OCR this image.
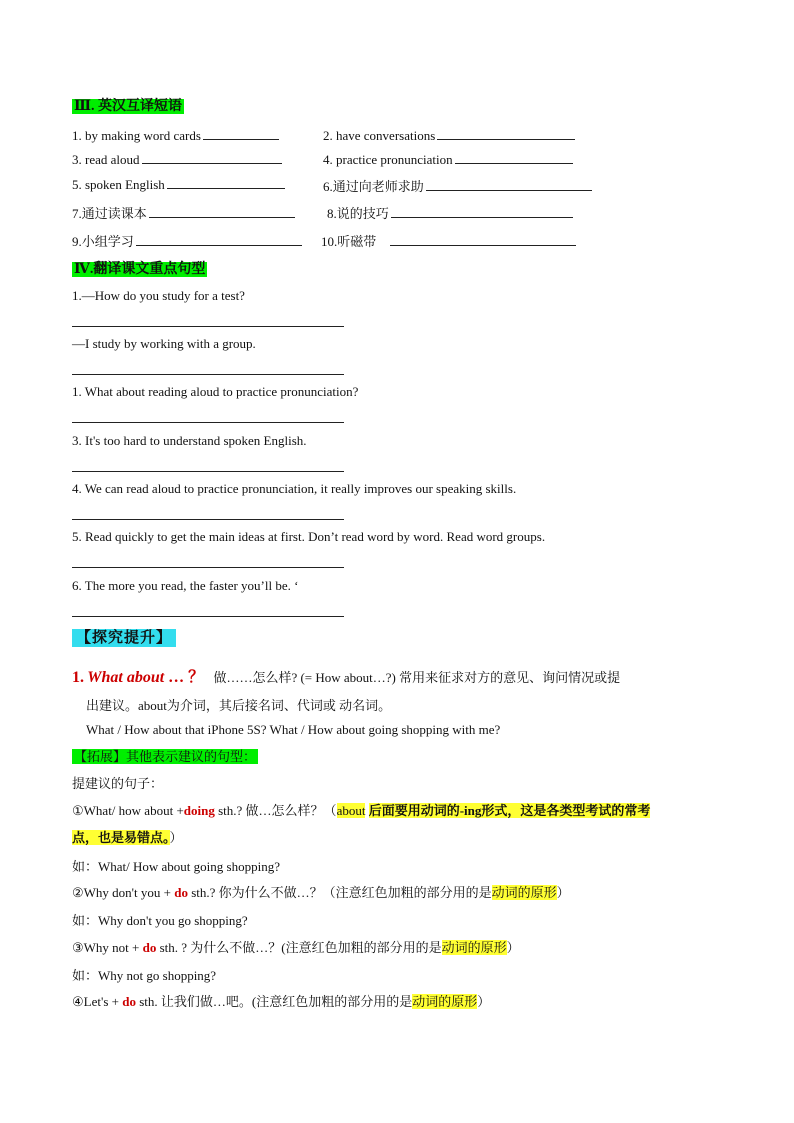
Ⅲ. 英汉互译短语
1. by making word cards	2. have conversations
3. read aloud	4. practice pronunciation
5. spoken English	6.通过向老师求助
7.通过读课本	8.说的技巧
9.小组学习	10.听磁带
Ⅳ.翻译课文重点句型
1.—How do you study for a test?
—I study by working with a group.
1. What about reading aloud to practice pronunciation?
3. It's too hard to understand spoken English.
4. We can read aloud to practice pronunciation, it really improves our speaking skills.
5. Read quickly to get the main ideas at first. Don’t read word by word. Read word groups.
6. The more you read, the faster you’ll be. ‘
【探究提升】
1. What about … ？ 做……怎么样? (= How about…?) 常用来征求对方的意见、询问情况或提
出建议。about为介词，其后接名词、代词或 动名词。
What / How about that iPhone 5S? What / How about going shopping with me?
【拓展】其他表示建议的句型：
提建议的句子：
①What/ how about +doing sth.? 做…怎么样？（about 后面要用动词的-ing形式，这是各类型考试的常考
点，也是易错点。）
如：What/ How about going shopping?
②Why don't you + do sth.? 你为什么不做…？（注意红色加粗的部分用的是动词的原形）
如：Why don't you go shopping?
③Why not + do sth. ? 为什么不做…？(注意红色加粗的部分用的是动词的原形）
如：Why not go shopping?
④Let's + do sth. 让我们做…吧。(注意红色加粗的部分用的是动词的原形）
